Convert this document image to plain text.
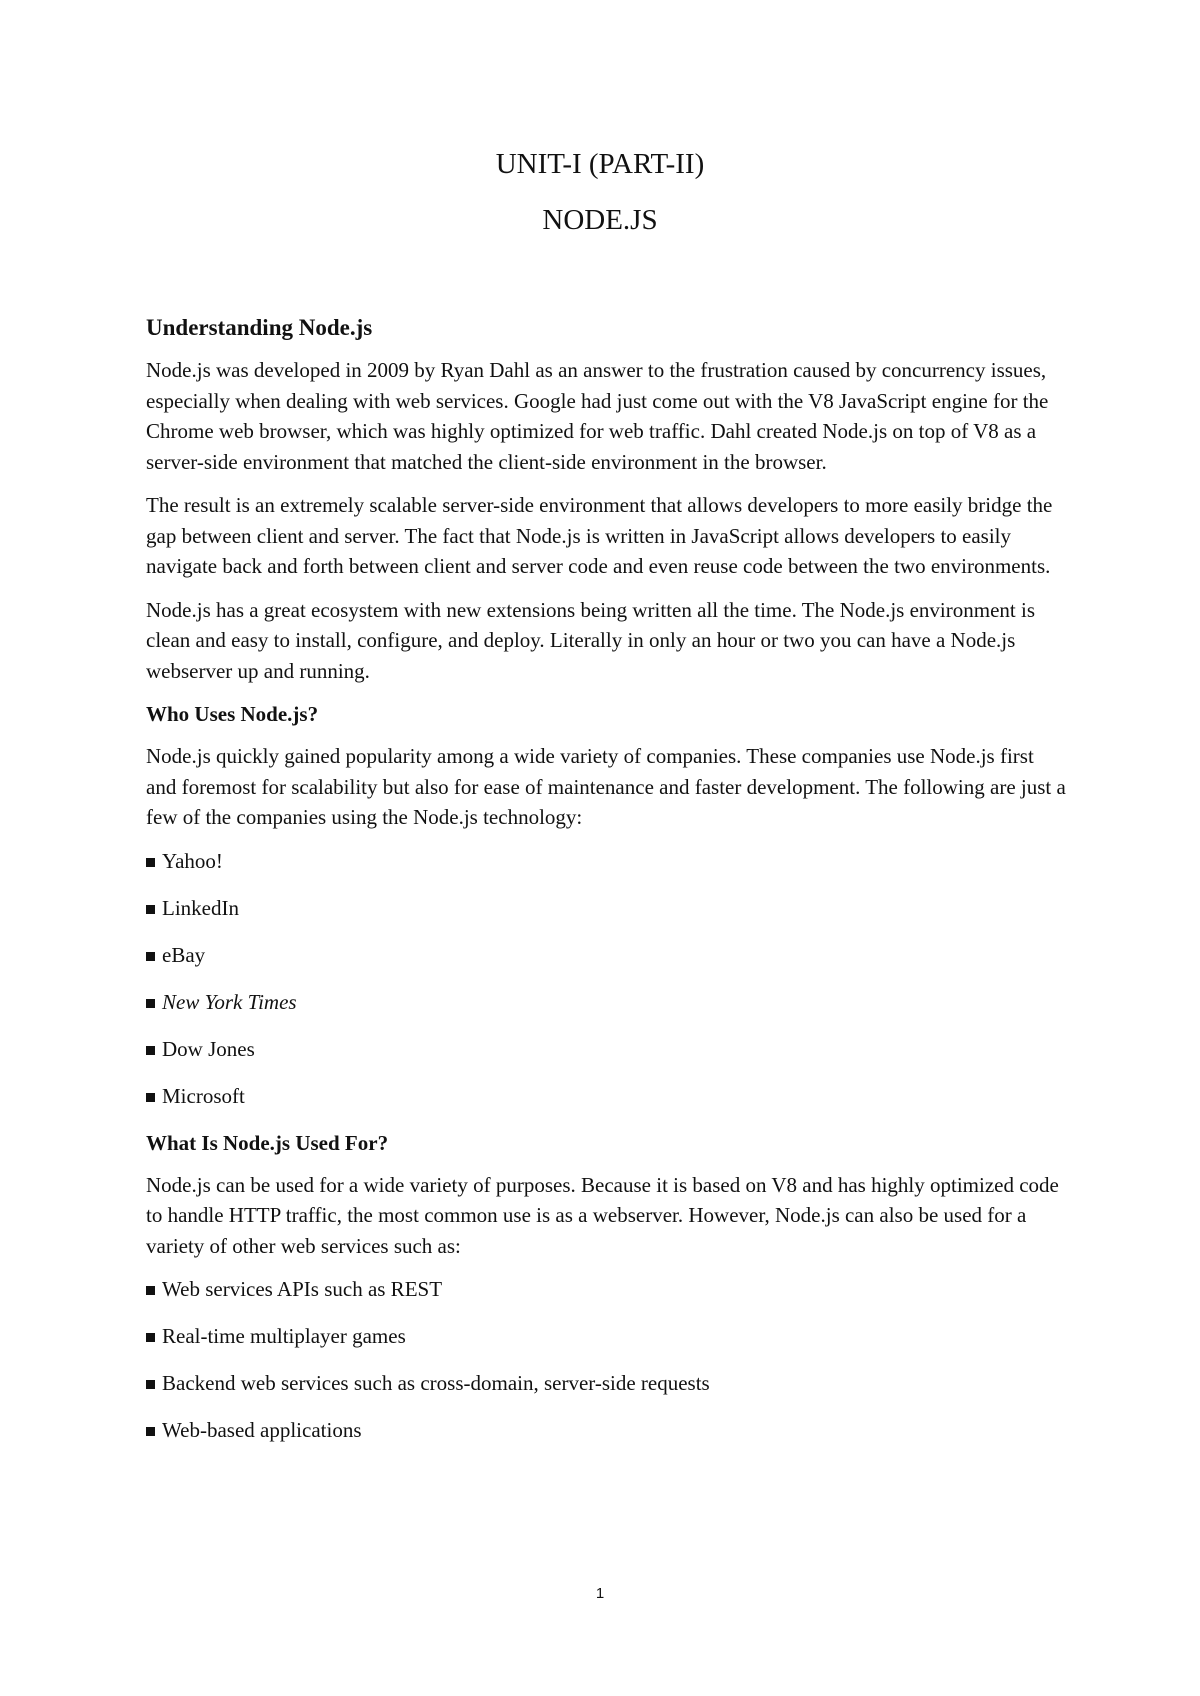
UNIT-I (PART-II)
NODE.JS
Understanding Node.js

Node.js was developed in 2009 by Ryan Dahl as an answer to the frustration caused by concurrency issues, especially when dealing with web services. Google had just come out with the V8 JavaScript engine for the Chrome web browser, which was highly optimized for web traffic. Dahl created Node.js on top of V8 as a server-side environment that matched the client-side environment in the browser.

The result is an extremely scalable server-side environment that allows developers to more easily bridge the gap between client and server. The fact that Node.js is written in JavaScript allows developers to easily navigate back and forth between client and server code and even reuse code between the two environments.

Node.js has a great ecosystem with new extensions being written all the time. The Node.js environment is clean and easy to install, configure, and deploy. Literally in only an hour or two you can have a Node.js webserver up and running.

Who Uses Node.js?

Node.js quickly gained popularity among a wide variety of companies. These companies use Node.js first and foremost for scalability but also for ease of maintenance and faster development. The following are just a few of the companies using the Node.js technology:

Yahoo!
LinkedIn
eBay
New York Times
Dow Jones
Microsoft
What Is Node.js Used For?

Node.js can be used for a wide variety of purposes. Because it is based on V8 and has highly optimized code to handle HTTP traffic, the most common use is as a webserver. However, Node.js can also be used for a variety of other web services such as:

Web services APIs such as REST
Real-time multiplayer games
Backend web services such as cross-domain, server-side requests
Web-based applications
1
